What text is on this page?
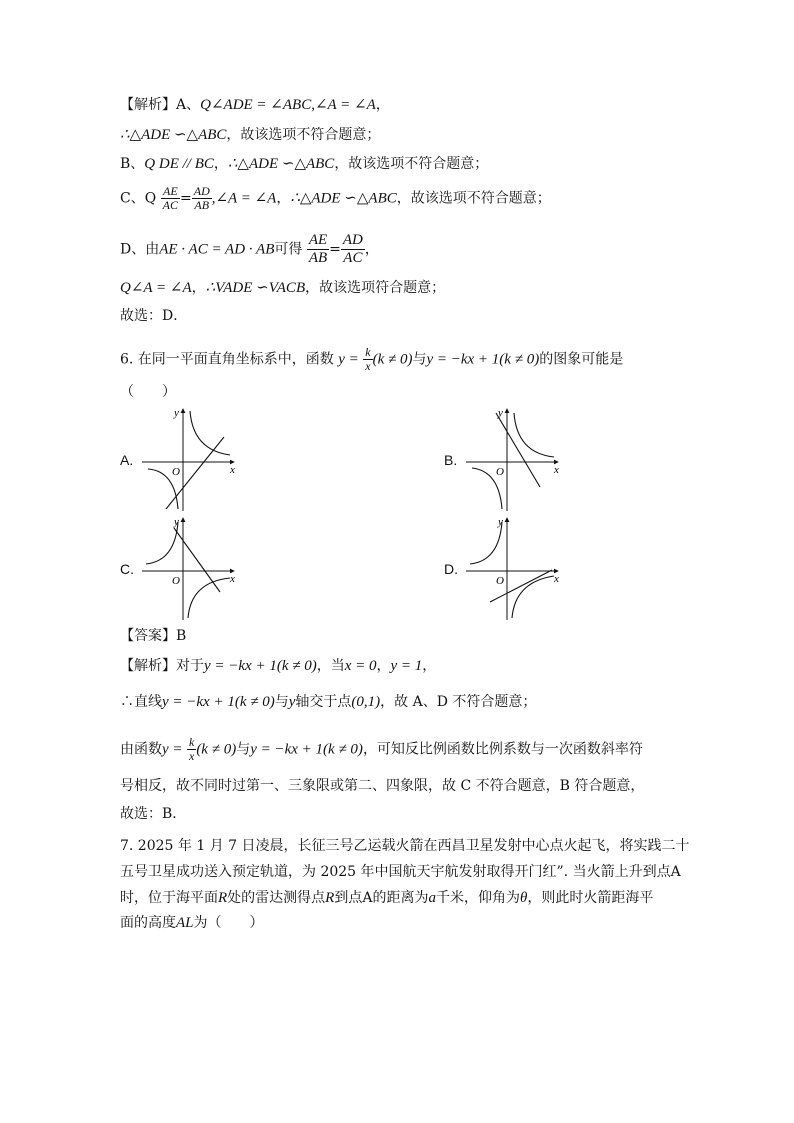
【解析】A、Q∠ADE = ∠ABC,∠A = ∠A，
∴△ADE ∽△ABC，故该选项不符合题意；
B、Q DE // BC，∴△ADE ∽△ABC，故该选项不符合题意；
C、Q $\frac{AE}{AC} = \frac{AD}{AB}$ ,∠A = ∠A，∴△ADE ∽△ABC，故该选项不符合题意；
D、由AE · AC = AD · AB可得 $\frac{AE}{AB} = \frac{AD}{AC}$ ，
Q∠A = ∠A，∴VADE ∽VACB，故该选项符合题意；
故选：D．
6. 在同一平面直角坐标系中，函数 $y = \frac{k}{x} (k \ne 0)$与y = −kx + 1(k ≠ 0)的图象可能是
（　　）
A.	B.
C.	D.
O
y
x	O
y
x
O
y
x	O
y
x
【答案】B
【解析】对于y = −kx + 1(k ≠ 0)，当x = 0，y = 1，
∴直线y = −kx + 1(k ≠ 0)与y轴交于点(0,1)，故 A、D 不符合题意；
由函数$y = \frac{k}{x} (k \ne 0)$与y = −kx + 1(k ≠ 0)，可知反比例函数比例系数与一次函数斜率符
号相反，故不同时过第一、三象限或第二、四象限，故 C 不符合题意，B 符合题意，
故选：B．
7. 2025 年 1 月 7 日凌晨，长征三号乙运载火箭在西昌卫星发射中心点火起飞，将实践二十
五号卫星成功送入预定轨道，为 2025 年中国航天宇航发射取得开门红”. 当火箭上升到点A
时，位于海平面R处的雷达测得点R到点A的距离为a千米，仰角为θ，则此时火箭距海平
面的高度AL为（　　）
